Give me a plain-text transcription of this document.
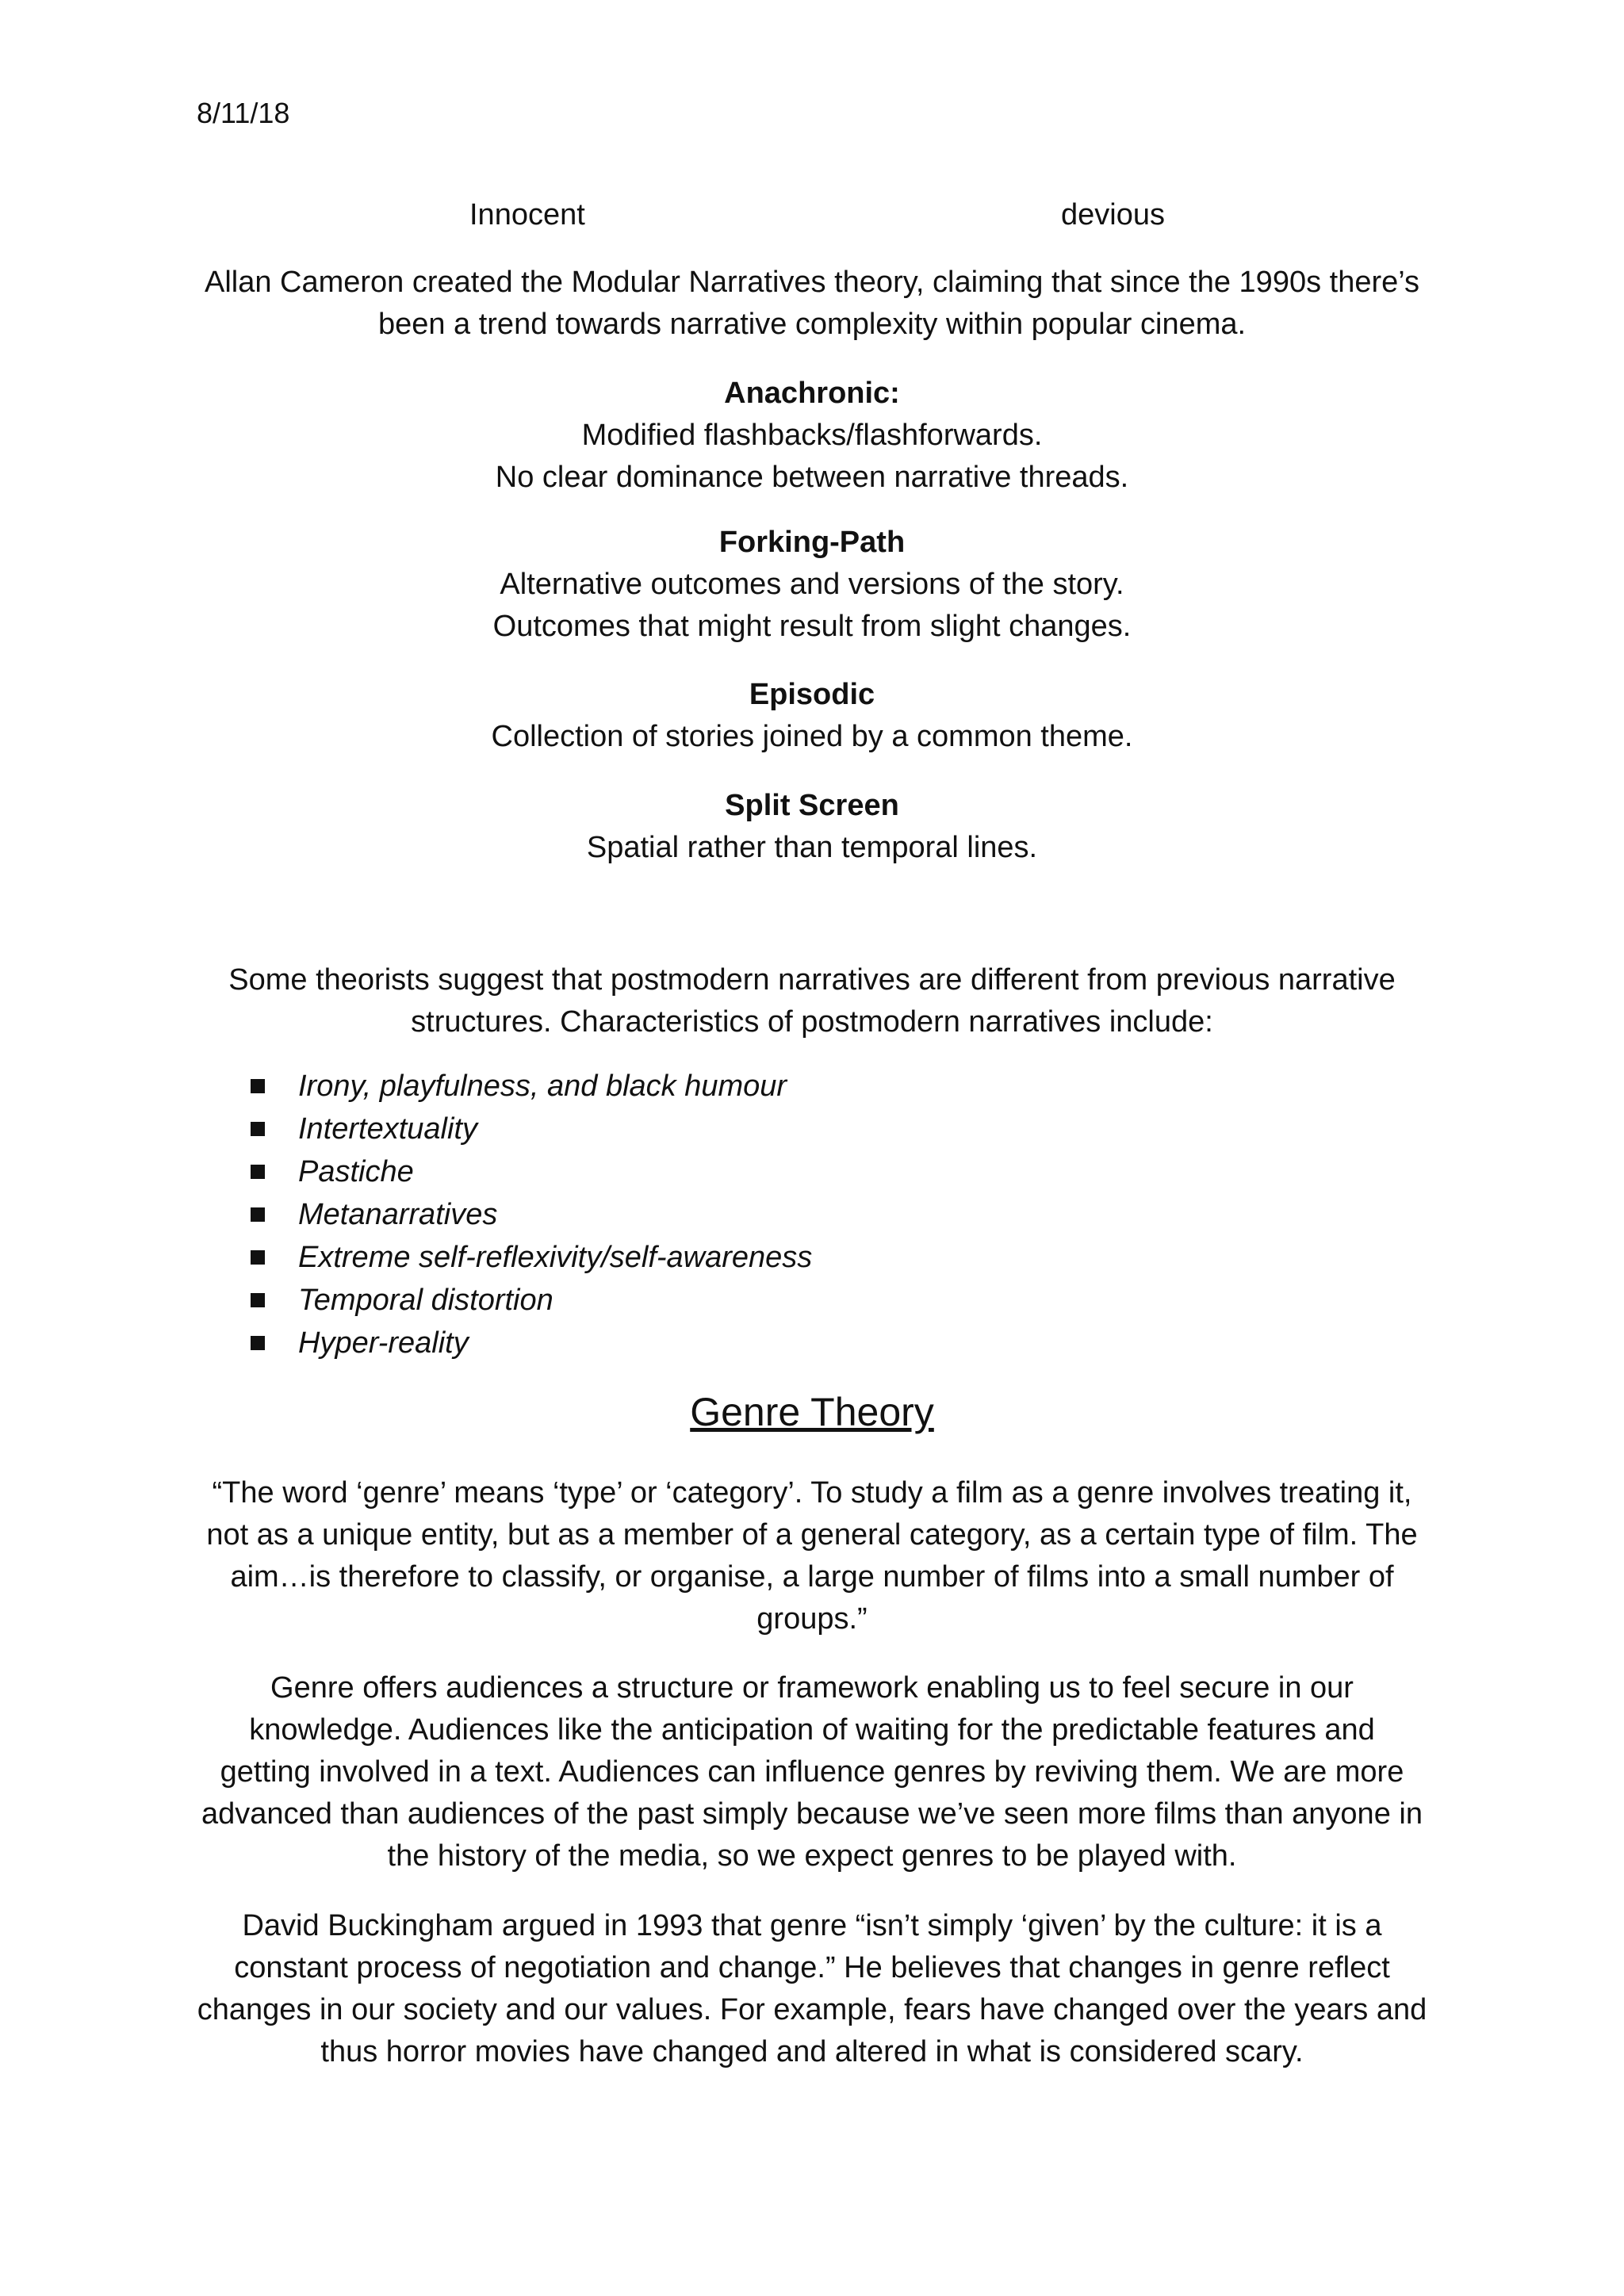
8/11/18
Innocent	devious
Allan Cameron created the Modular Narratives theory, claiming that since the 1990s there’s
been a trend towards narrative complexity within popular cinema.
Anachronic:
Modified flashbacks/flashforwards.
No clear dominance between narrative threads.
Forking-Path
Alternative outcomes and versions of the story.
Outcomes that might result from slight changes.
Episodic
Collection of stories joined by a common theme.
Split Screen
Spatial rather than temporal lines.
Some theorists suggest that postmodern narratives are different from previous narrative
structures. Characteristics of postmodern narratives include:
Irony, playfulness, and black humour
Intertextuality
Pastiche
Metanarratives
Extreme self-reflexivity/self-awareness
Temporal distortion
Hyper-reality
Genre Theory
“The word ‘genre’ means ‘type’ or ‘category’. To study a film as a genre involves treating it,
not as a unique entity, but as a member of a general category, as a certain type of film. The
aim…is therefore to classify, or organise, a large number of films into a small number of
groups.”
Genre offers audiences a structure or framework enabling us to feel secure in our
knowledge. Audiences like the anticipation of waiting for the predictable features and
getting involved in a text. Audiences can influence genres by reviving them. We are more
advanced than audiences of the past simply because we’ve seen more films than anyone in
the history of the media, so we expect genres to be played with.
David Buckingham argued in 1993 that genre “isn’t simply ‘given’ by the culture: it is a
constant process of negotiation and change.” He believes that changes in genre reflect
changes in our society and our values. For example, fears have changed over the years and
thus horror movies have changed and altered in what is considered scary.
